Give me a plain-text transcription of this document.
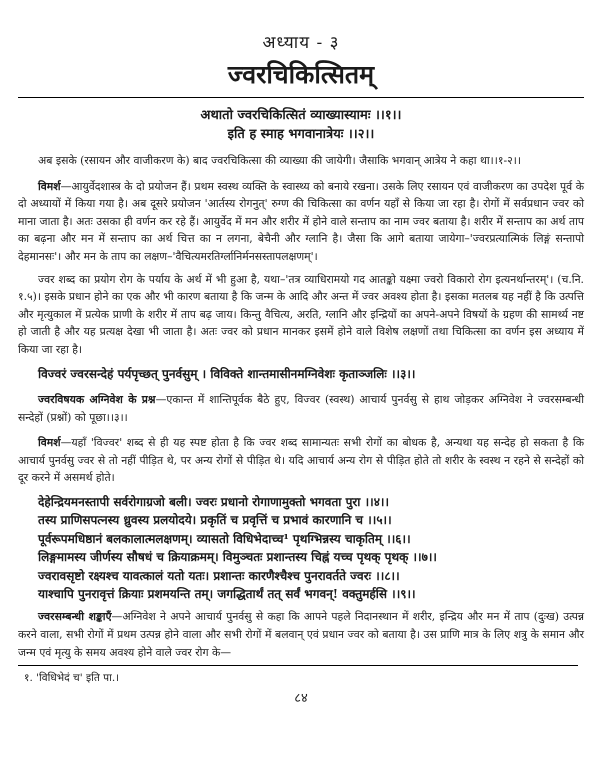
अध्याय - ३
ज्वरचिकित्सितम्
अथातो ज्वरचिकित्सितं व्याख्यास्यामः ।।१।।
इति ह स्माह भगवानात्रेयः ।।२।।

अब इसके (रसायन और वाजीकरण के) बाद ज्वरचिकित्सा की व्याख्या की जायेगी। जैसाकि भगवान् आत्रेय ने कहा था।।१-२।।

विमर्श—आयुर्वेदशास्त्र के दो प्रयोजन हैं। प्रथम स्वस्थ व्यक्ति के स्वास्थ्य को बनाये रखना। उसके लिए रसायन एवं वाजीकरण का उपदेश पूर्व के दो अध्यायों में किया गया है। अब दूसरे प्रयोजन 'आर्तस्य रोगनुत्' रुग्ण की चिकित्सा का वर्णन यहाँ से किया जा रहा है। रोगों में सर्वप्रधान ज्वर को माना जाता है। अतः उसका ही वर्णन कर रहे हैं। आयुर्वेद में मन और शरीर में होने वाले सन्ताप का नाम ज्वर बताया है। शरीर में सन्ताप का अर्थ ताप का बढ़ना और मन में सन्ताप का अर्थ चित्त का न लगना, बेचैनी और ग्लानि है। जैसा कि आगे बताया जायेगा–'ज्वरप्रत्यात्मिकं लिङ्गं सन्तापो देहमानसः'। और मन के ताप का लक्षण–'वैचित्यमरतिर्ग्लानिर्मनसस्तापलक्षणम्'।

ज्वर शब्द का प्रयोग रोग के पर्याय के अर्थ में भी हुआ है, यथा–'तत्र व्याधिरामयो गद आतङ्को यक्ष्मा ज्वरो विकारो रोग इत्यनर्थान्तरम्'। (च.नि. १.५)। इसके प्रधान होने का एक और भी कारण बताया है कि जन्म के आदि और अन्त में ज्वर अवश्य होता है। इसका मतलब यह नहीं है कि उत्पत्ति और मृत्युकाल में प्रत्येक प्राणी के शरीर में ताप बढ़ जाय। किन्तु वैचित्य, अरति, ग्लानि और इन्द्रियों का अपने-अपने विषयों के ग्रहण की सामर्थ्य नष्ट हो जाती है और यह प्रत्यक्ष देखा भी जाता है। अतः ज्वर को प्रधान मानकर इसमें होने वाले विशेष लक्षणों तथा चिकित्सा का वर्णन इस अध्याय में किया जा रहा है।

विज्वरं ज्वरसन्देहं पर्यपृच्छत् पुनर्वसुम् । विविक्ते शान्तमासीनमग्निवेशः कृताञ्जलिः ।।३।।

ज्वरविषयक अग्निवेश के प्रश्न—एकान्त में शान्तिपूर्वक बैठे हुए, विज्वर (स्वस्थ) आचार्य पुनर्वसु से हाथ जोड़कर अग्निवेश ने ज्वरसम्बन्धी सन्देहों (प्रश्नों) को पूछा।।३।।

विमर्श—यहाँ 'विज्वर' शब्द से ही यह स्पष्ट होता है कि ज्वर शब्द सामान्यतः सभी रोगों का बोधक है, अन्यथा यह सन्देह हो सकता है कि आचार्य पुनर्वसु ज्वर से तो नहीं पीड़ित थे, पर अन्य रोगों से पीड़ित थे। यदि आचार्य अन्य रोग से पीड़ित होते तो शरीर के स्वस्थ न रहने से सन्देहों को दूर करने में असमर्थ होते।

देहेन्द्रियमनस्तापी सर्वरोगाग्रजो बली। ज्वरः प्रधानो रोगाणामुक्तो भगवता पुरा ।।४।।

तस्य प्राणिसपत्नस्य ध्रुवस्य प्रलयोदये। प्रकृतिं च प्रवृत्तिं च प्रभावं कारणानि च ।।५।।

पूर्वरूपमधिष्ठानं बलकालात्मलक्षणम्। व्यासतो विधिभेदाच्च¹ पृथग्भिन्नस्य चाकृतिम् ।।६।।

लिङ्गमामस्य जीर्णस्य सौषधं च क्रियाक्रमम्। विमुञ्चतः प्रशान्तस्य चिह्नं यच्च पृथक् पृथक् ।।७।।

ज्वरावसृष्टो रक्ष्यश्च यावत्कालं यतो यतः। प्रशान्तः कारणैश्चैश्च पुनरावर्तते ज्वरः ।।८।।

याश्चापि पुनरावृत्तं क्रियाः प्रशमयन्ति तम्। जगद्धितार्थं तत् सर्वं भगवन्! वक्तुमर्हसि ।।९।।

ज्वरसम्बन्धी शङ्काएँ—अग्निवेश ने अपने आचार्य पुनर्वसु से कहा कि आपने पहले निदानस्थान में शरीर, इन्द्रिय और मन में ताप (दुःख) उत्पन्न करने वाला, सभी रोगों में प्रथम उत्पन्न होने वाला और सभी रोगों में बलवान् एवं प्रधान ज्वर को बताया है। उस प्राणि मात्र के लिए शत्रु के समान और जन्म एवं मृत्यु के समय अवश्य होने वाले ज्वर रोग के—

१. 'विधिभेदं च' इति पा.।
८४
